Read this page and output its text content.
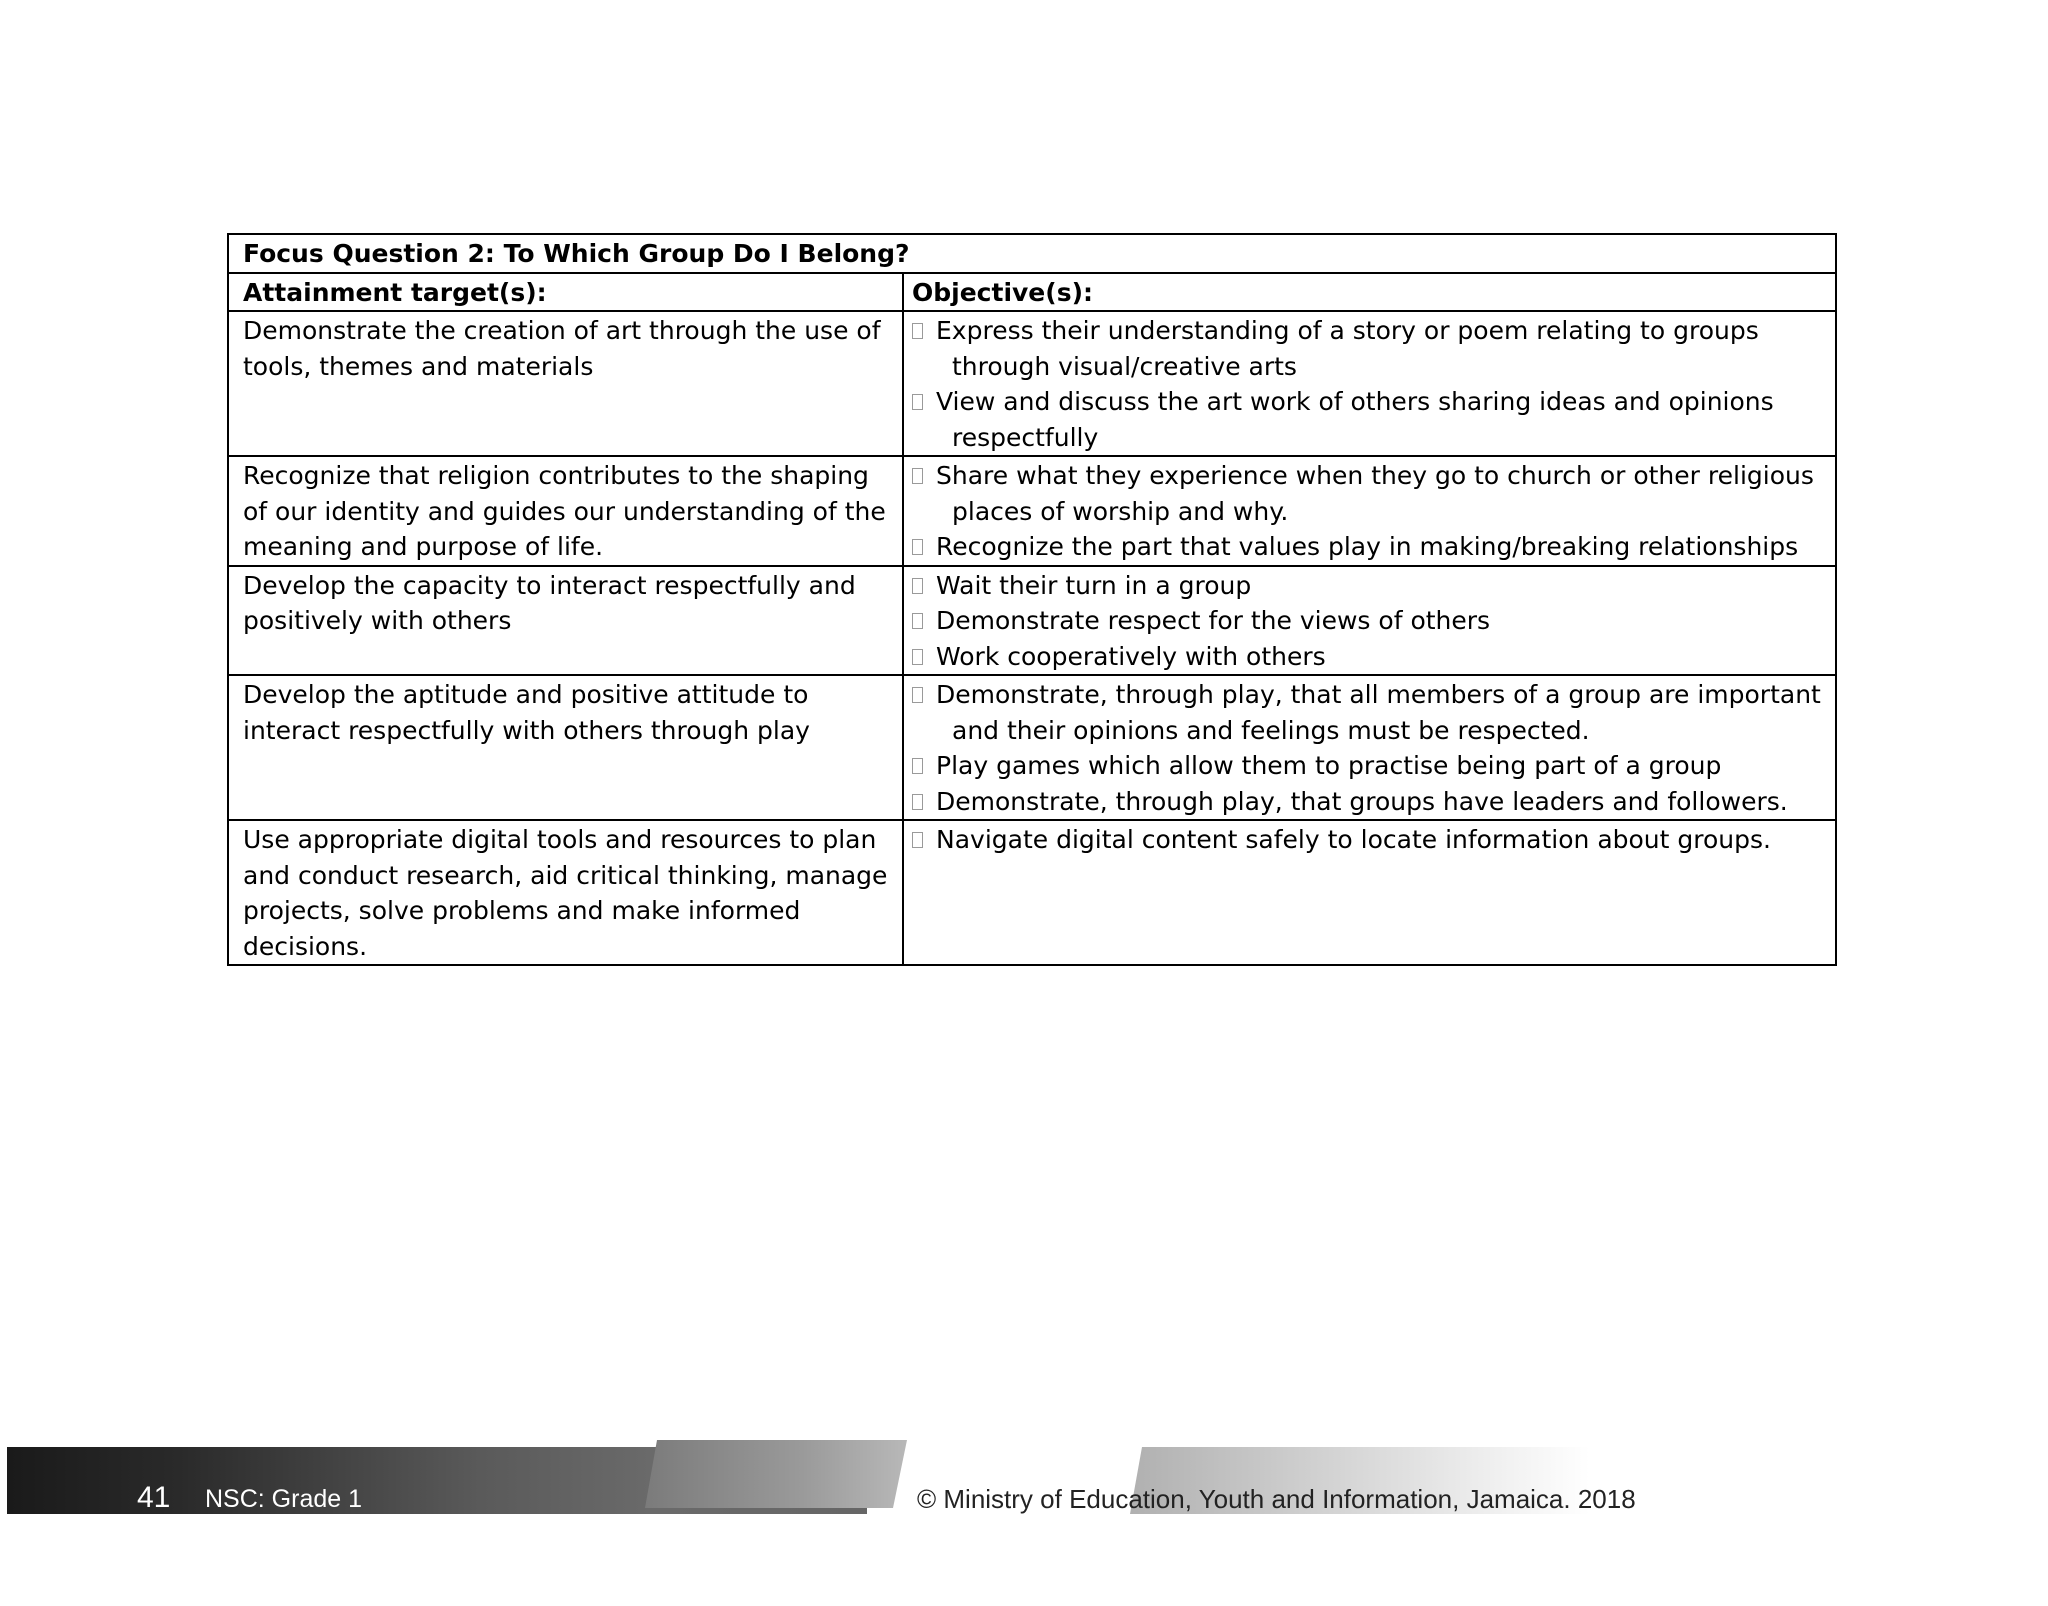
Focus Question 2: To Which Group Do I Belong?	
Attainment target(s):	Objective(s):
Demonstrate the creation of art through the use of tools, themes and materials	Express their understanding of a story or poem relating to groups
through visual/creative arts
View and discuss the art work of others sharing ideas and opinions
respectfully

Recognize that religion contributes to the shaping of our identity and guides our understanding of the meaning and purpose of life.	Share what they experience when they go to church or other religious
places of worship and why.
Recognize the part that values play in making/breaking relationships

Develop the capacity to interact respectfully and positively with others	Wait their turn in a group
Demonstrate respect for the views of others
Work cooperatively with others

Develop the aptitude and positive attitude to interact respectfully with others through play	Demonstrate, through play, that all members of a group are important
and their opinions and feelings must be respected.
Play games which allow them to practise being part of a group
Demonstrate, through play, that groups have leaders and followers.

Use appropriate digital tools and resources to plan and conduct research, aid critical thinking, manage projects, solve problems and make informed decisions.	Navigate digital content safely to locate information about groups.
41 NSC: Grade 1	© Ministry of Education, Youth and Information, Jamaica. 2018
